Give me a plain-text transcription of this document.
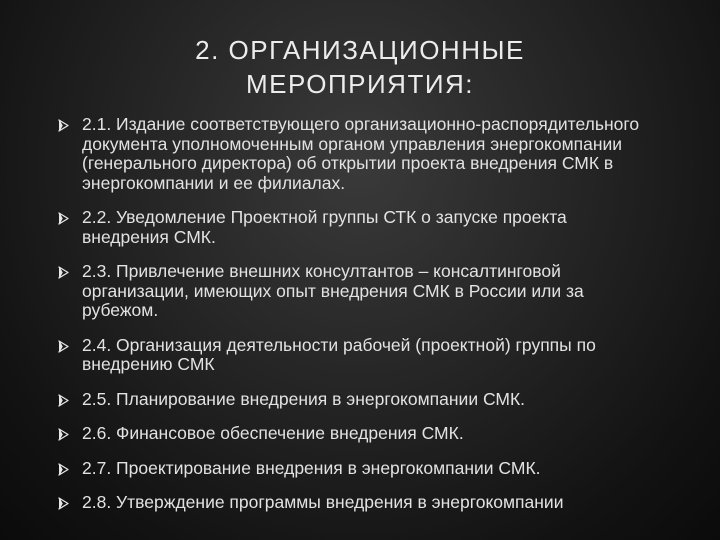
2. ОРГАНИЗАЦИОННЫЕ
МЕРОПРИЯТИЯ:
2.1. Издание соответствующего организационно-распорядительного документа уполномоченным органом управления энергокомпании (генерального директора) об открытии проекта внедрения СМК в энергокомпании и ее филиалах.
2.2. Уведомление Проектной группы СТК о запуске проекта внедрения СМК.
2.3. Привлечение внешних консултантов – консалтинговой организации, имеющих опыт внедрения СМК в России или за рубежом.
2.4. Организация деятельности рабочей (проектной) группы по внедрению СМК
2.5. Планирование внедрения в энергокомпании СМК.
2.6. Финансовое обеспечение внедрения СМК.
2.7. Проектирование внедрения в энергокомпании СМК.
2.8. Утверждение программы внедрения в энергокомпании
